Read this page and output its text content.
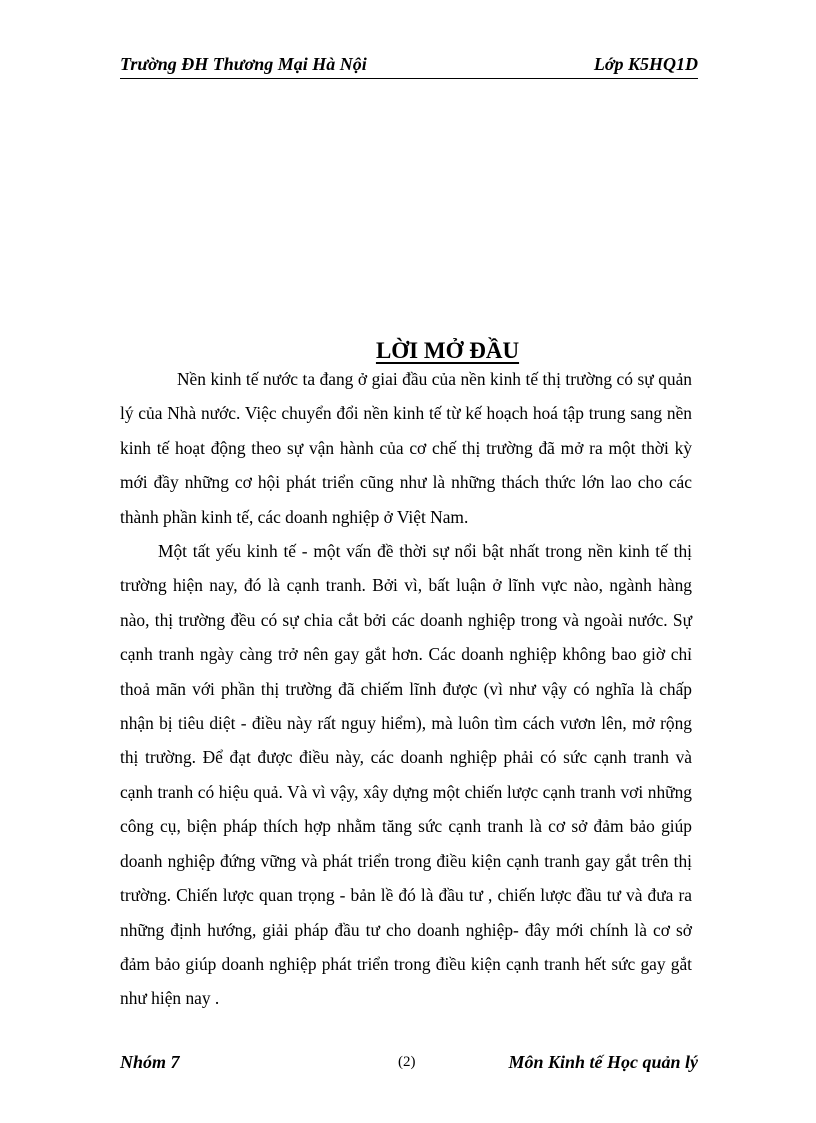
Trường ĐH Thương Mại Hà Nội	Lớp K5HQ1D
LỜI MỞ ĐẦU

Nền kinh tế nước ta đang ở giai đầu của nền kinh tế thị trường có sự quản lý của Nhà nước. Việc chuyển đổi nền kinh tế từ kế hoạch hoá tập trung sang nền kinh tế hoạt động theo sự vận hành của cơ chế thị trường đã mở ra một thời kỳ mới đầy những cơ hội phát triển cũng như là những thách thức lớn lao cho các thành phần kinh tế, các doanh nghiệp ở Việt Nam.

Một tất yếu kinh tế - một vấn đề thời sự nổi bật nhất trong nền kinh tế thị trường hiện nay, đó là cạnh tranh. Bởi vì, bất luận ở lĩnh vực nào, ngành hàng nào, thị trường đều có sự chia cắt bởi các doanh nghiệp trong và ngoài nước. Sự cạnh tranh ngày càng trở nên gay gắt hơn. Các doanh nghiệp không bao giờ chỉ thoả mãn với phần thị trường đã chiếm lĩnh được (vì như vậy có nghĩa là chấp nhận bị tiêu diệt - điều này rất nguy hiểm), mà luôn tìm cách vươn lên, mở rộng thị trường. Để đạt được điều này, các doanh nghiệp phải có sức cạnh tranh và cạnh tranh có hiệu quả. Và vì vậy, xây dựng một chiến lược cạnh tranh vơi những công cụ, biện pháp thích hợp nhằm tăng sức cạnh tranh là cơ sở đảm bảo giúp doanh nghiệp đứng vững và phát triển trong điều kiện cạnh tranh gay gắt trên thị trường. Chiến lược quan trọng - bản lề đó là đầu tư , chiến lược đầu tư và đưa ra những định hướng, giải pháp đầu tư cho doanh nghiệp- đây mới chính là cơ sở đảm bảo giúp doanh nghiệp phát triển trong điều kiện cạnh tranh hết sức gay gắt như hiện nay .

Nhóm 7	(2)	Môn Kinh tế Học quản lý
